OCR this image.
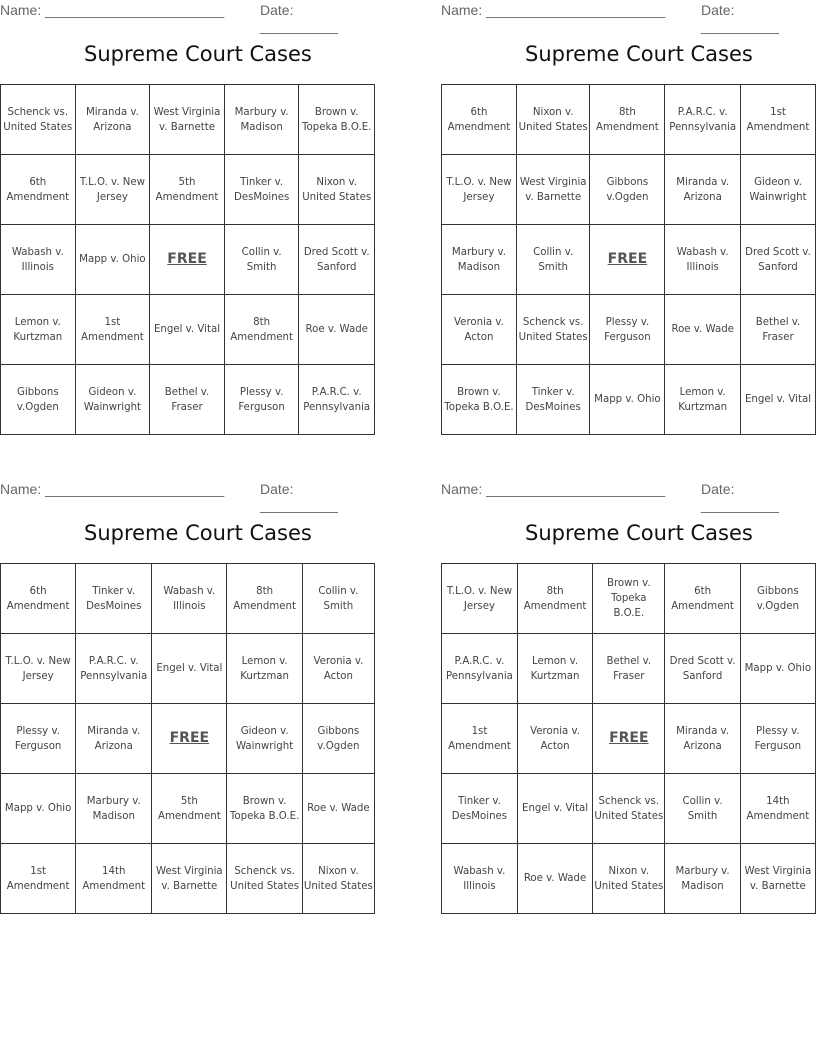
Name: _______________________	Date: __________
Supreme Court Cases
Schenck vs. United States	Miranda v. Arizona	West Virginia v. Barnette	Marbury v. Madison	Brown v. Topeka B.O.E.
6th Amendment	T.L.O. v. New Jersey	5th Amendment	Tinker v. DesMoines	Nixon v. United States
Wabash v. Illinois	Mapp v. Ohio	FREE	Collin v. Smith	Dred Scott v. Sanford
Lemon v. Kurtzman	1st Amendment	Engel v. Vital	8th Amendment	Roe v. Wade
Gibbons v.Ogden	Gideon v. Wainwright	Bethel v. Fraser	Plessy v. Ferguson	P.A.R.C. v. Pennsylvania
Name: _______________________	Date: __________
Supreme Court Cases
6th Amendment	Nixon v. United States	8th Amendment	P.A.R.C. v. Pennsylvania	1st Amendment
T.L.O. v. New Jersey	West Virginia v. Barnette	Gibbons v.Ogden	Miranda v. Arizona	Gideon v. Wainwright
Marbury v. Madison	Collin v. Smith	FREE	Wabash v. Illinois	Dred Scott v. Sanford
Veronia v. Acton	Schenck vs. United States	Plessy v. Ferguson	Roe v. Wade	Bethel v. Fraser
Brown v. Topeka B.O.E.	Tinker v. DesMoines	Mapp v. Ohio	Lemon v. Kurtzman	Engel v. Vital
Name: _______________________	Date: __________
Supreme Court Cases
6th Amendment	Tinker v. DesMoines	Wabash v. Illinois	8th Amendment	Collin v. Smith
T.L.O. v. New Jersey	P.A.R.C. v. Pennsylvania	Engel v. Vital	Lemon v. Kurtzman	Veronia v. Acton
Plessy v. Ferguson	Miranda v. Arizona	FREE	Gideon v. Wainwright	Gibbons v.Ogden
Mapp v. Ohio	Marbury v. Madison	5th Amendment	Brown v. Topeka B.O.E.	Roe v. Wade
1st Amendment	14th Amendment	West Virginia v. Barnette	Schenck vs. United States	Nixon v. United States
Name: _______________________	Date: __________
Supreme Court Cases
T.L.O. v. New Jersey	8th Amendment	Brown v. Topeka B.O.E.	6th Amendment	Gibbons v.Ogden
P.A.R.C. v. Pennsylvania	Lemon v. Kurtzman	Bethel v. Fraser	Dred Scott v. Sanford	Mapp v. Ohio
1st Amendment	Veronia v. Acton	FREE	Miranda v. Arizona	Plessy v. Ferguson
Tinker v. DesMoines	Engel v. Vital	Schenck vs. United States	Collin v. Smith	14th Amendment
Wabash v. Illinois	Roe v. Wade	Nixon v. United States	Marbury v. Madison	West Virginia v. Barnette
